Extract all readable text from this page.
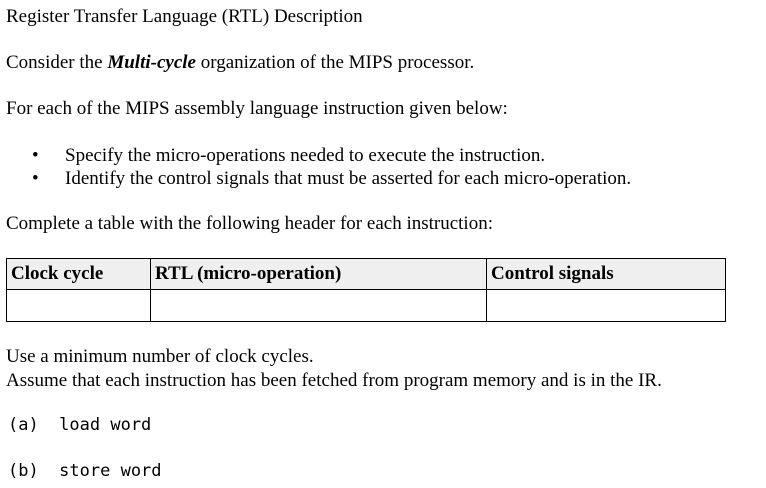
Register Transfer Language (RTL) Description
Consider the Multi-cycle organization of the MIPS processor.
For each of the MIPS assembly language instruction given below:
• Specify the micro-operations needed to execute the instruction.
• Identify the control signals that must be asserted for each micro-operation.
Complete a table with the following header for each instruction:
Clock cycle	RTL (micro-operation)	Control signals

Use a minimum number of clock cycles.
Assume that each instruction has been fetched from program memory and is in the IR.
(a)  load word
(b)  store word
